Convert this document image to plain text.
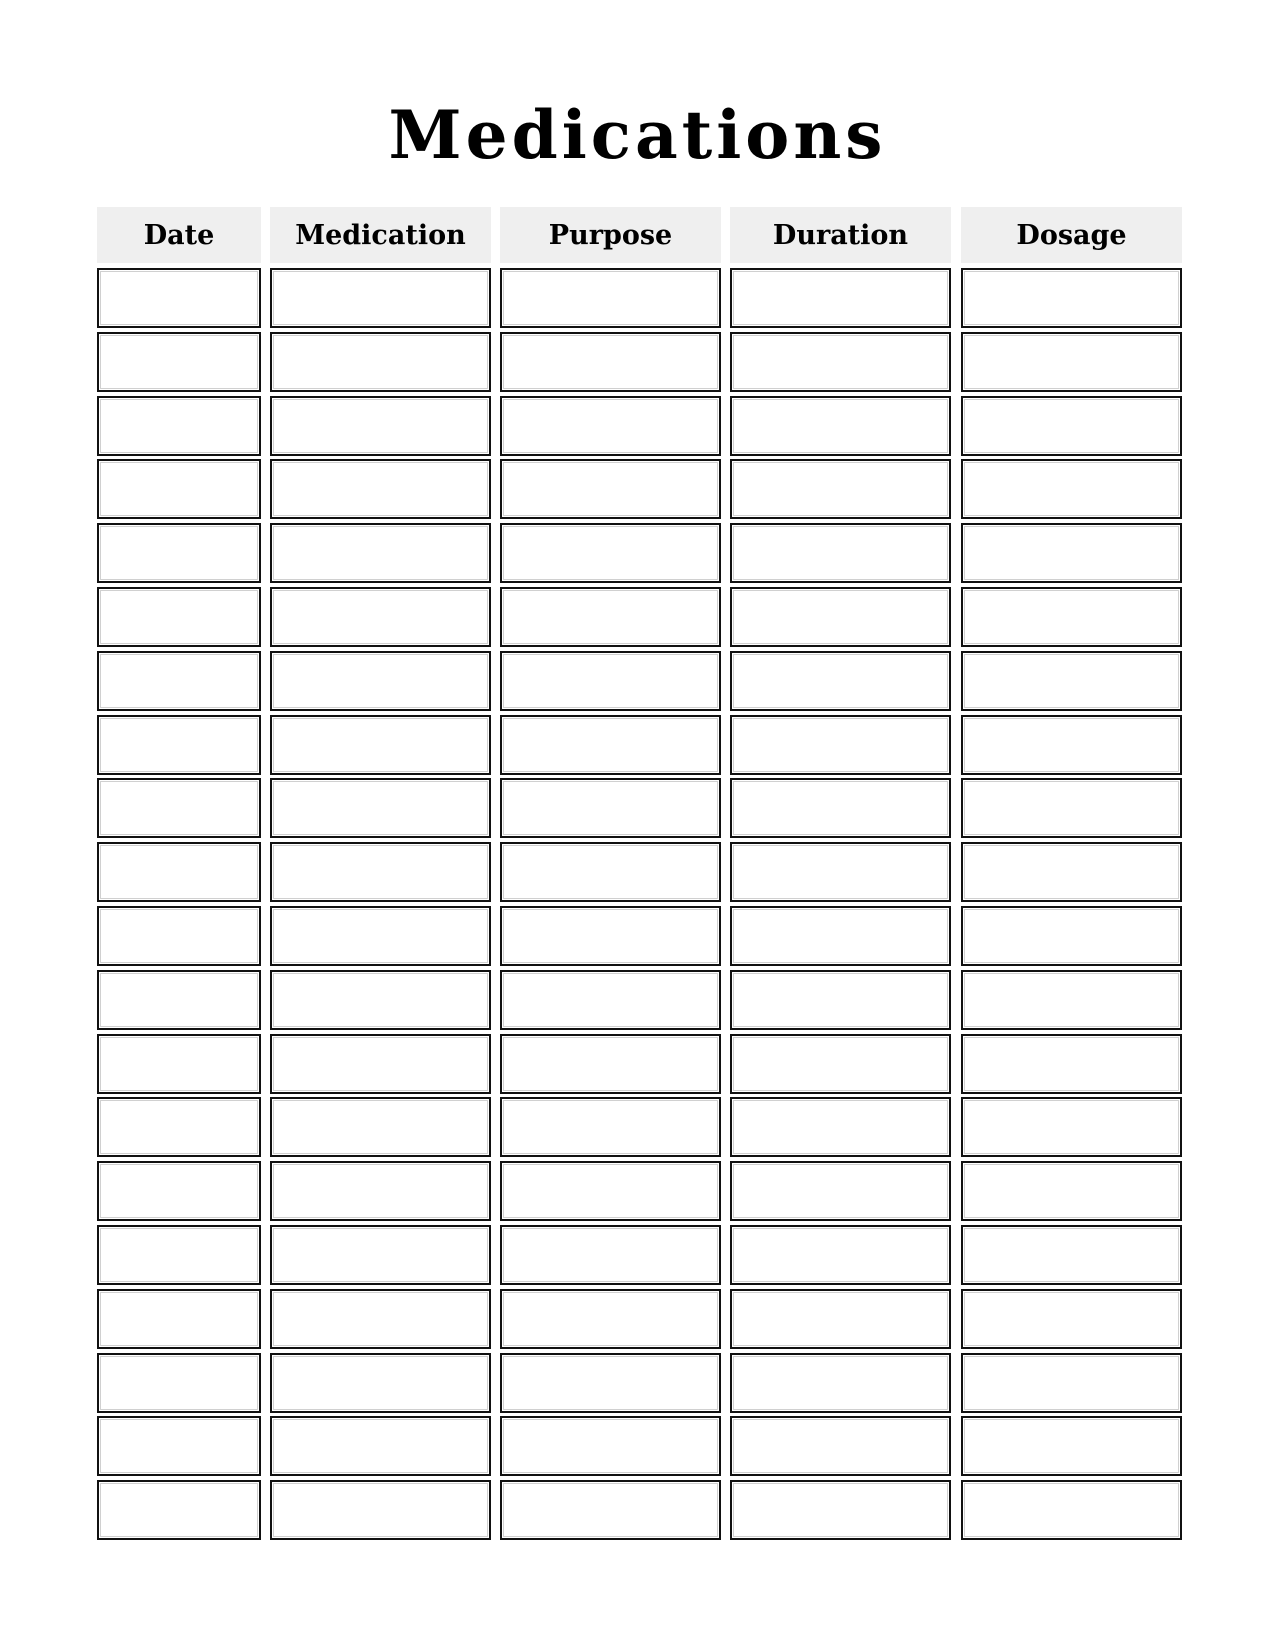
Medications
Date	Medication	Purpose	Duration	Dosage
